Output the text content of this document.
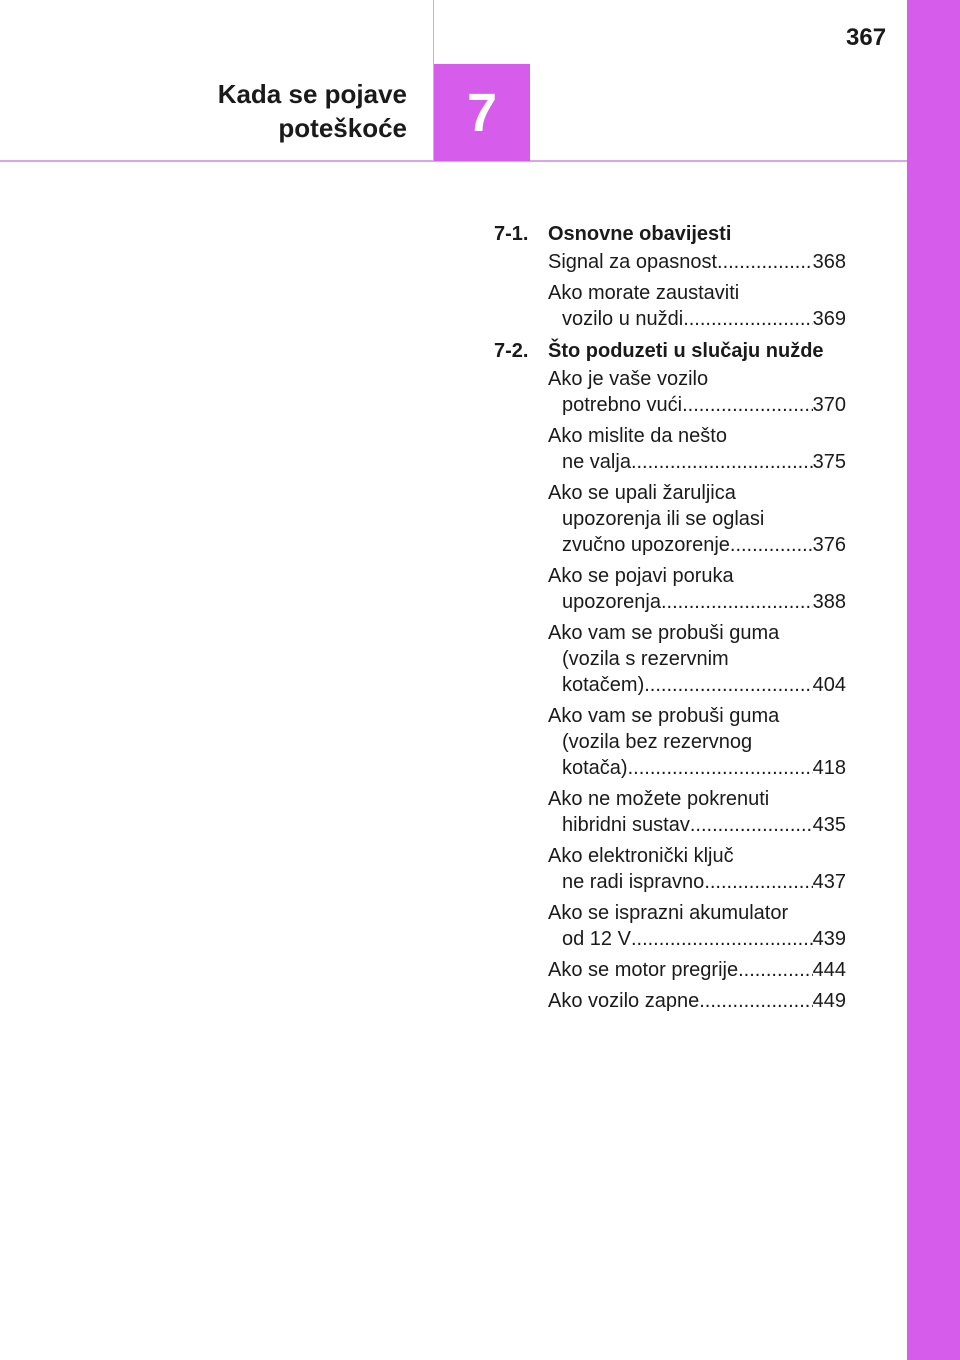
367
Kada se pojave
poteškoće 7
7-1. Osnovne obavijesti
Signal za opasnost .....	368
Ako morate zaustaviti
vozilo u nuždi .....	369
7-2. Što poduzeti u slučaju nužde
Ako je vaše vozilo
potrebno vući .....	370
Ako mislite da nešto
ne valja .....	375
Ako se upali žaruljica
upozorenja ili se oglasi
zvučno upozorenje .....	376
Ako se pojavi poruka
upozorenja .....	388
Ako vam se probuši guma
(vozila s rezervnim
kotačem) .....	404
Ako vam se probuši guma
(vozila bez rezervnog
kotača) .....	418
Ako ne možete pokrenuti
hibridni sustav .....	435
Ako elektronički ključ
ne radi ispravno .....	437
Ako se isprazni akumulator
od 12 V .....	439
Ako se motor pregrije .....	444
Ako vozilo zapne .....	449
